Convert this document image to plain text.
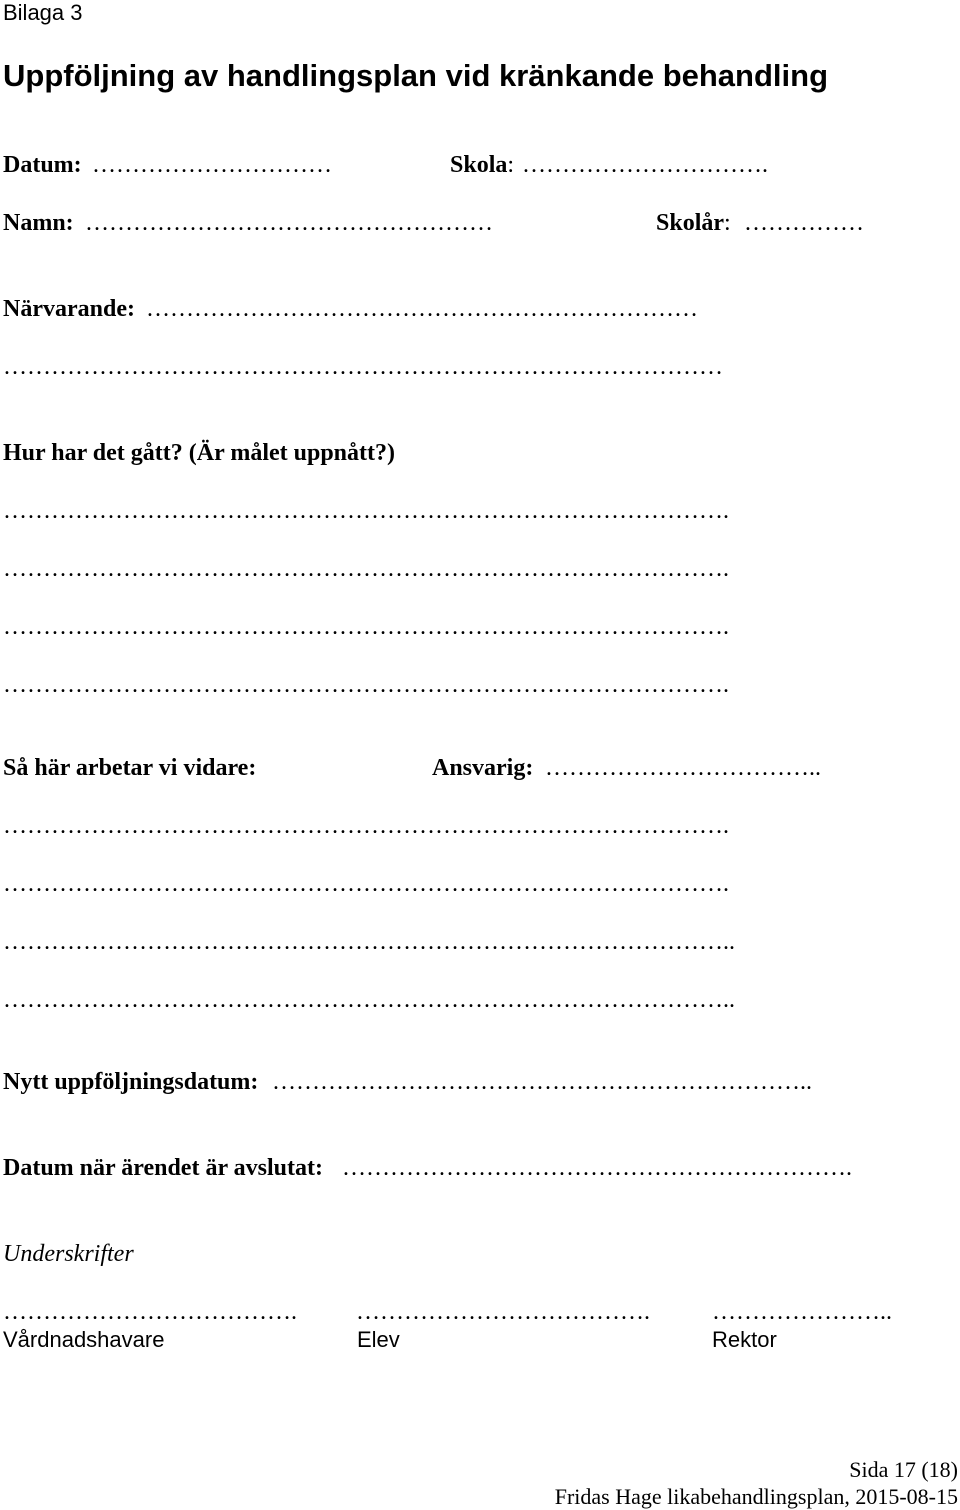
Bilaga 3
Uppföljning av handlingsplan vid kränkande behandling
Datum: …………………………	Skola: ………………………….
Namn: ……………………………………………	Skolår: ……………
Närvarande: ……………………………………………………………
………………………………………………………………………………
Hur har det gått? (Är målet uppnått?)
……………………………………………………………………………….
……………………………………………………………………………….
……………………………………………………………………………….
……………………………………………………………………………….
Så här arbetar vi vidare:	Ansvarig: ……………………………..
……………………………………………………………………………….
……………………………………………………………………………….
………………………………………………………………………………..
………………………………………………………………………………..
Nytt uppföljningsdatum: …………………………………………………………..
Datum när ärendet är avslutat: ……………………………………………………….
Underskrifter
……………………………….	……………………………….	…………………..
Vårdnadshavare	Elev	Rektor
Sida 17 (18)
Fridas Hage likabehandlingsplan, 2015-08-15
